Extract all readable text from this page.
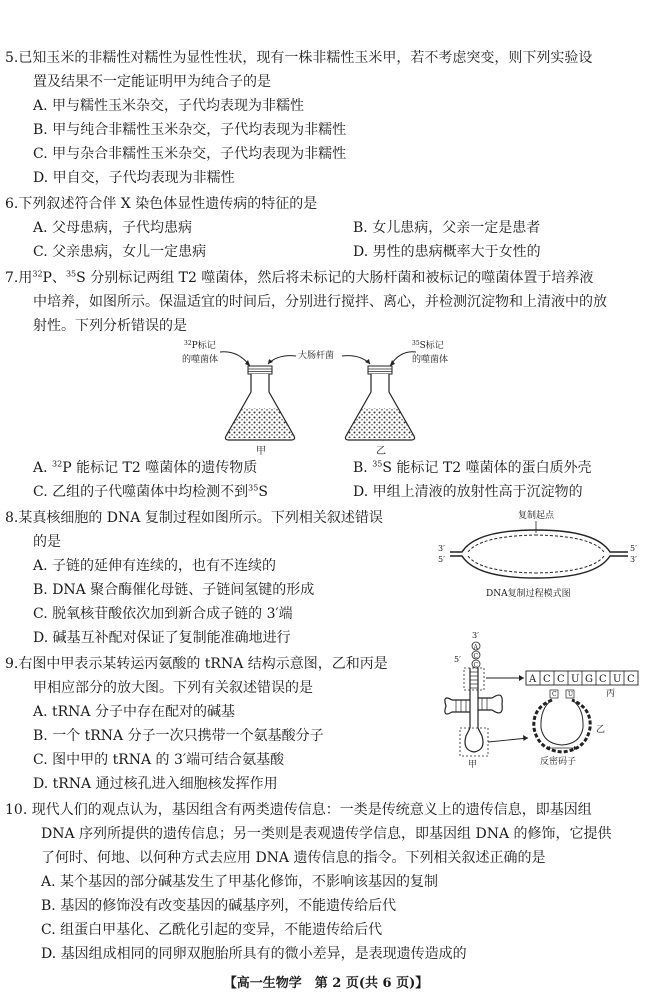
5.已知玉米的非糯性对糯性为显性性状，现有一株非糯性玉米甲，若不考虑突变，则下列实验设
置及结果不一定能证明甲为纯合子的是
A. 甲与糯性玉米杂交，子代均表现为非糯性
B. 甲与纯合非糯性玉米杂交，子代均表现为非糯性
C. 甲与杂合非糯性玉米杂交，子代均表现为非糯性
D. 甲自交，子代均表现为非糯性
6.下列叙述符合伴 X 染色体显性遗传病的特征的是
A. 父母患病，子代均患病	B. 女儿患病，父亲一定是患者
C. 父亲患病，女儿一定患病	D. 男性的患病概率大于女性的
7.用$^{32}$P、$^{35}$S 分别标记两组 T2 噬菌体，然后将未标记的大肠杆菌和被标记的噬菌体置于培养液
中培养，如图所示。保温适宜的时间后，分别进行搅拌、离心，并检测沉淀物和上清液中的放
射性。下列分析错误的是
$^{32}$P标记
的噬菌体	大肠杆菌
$^{35}$S标记
的噬菌体
甲	乙
A. $^{32}$P 能标记 T2 噬菌体的遗传物质	B. $^{35}$S 能标记 T2 噬菌体的蛋白质外壳
C. 乙组的子代噬菌体中均检测不到$^{35}$S	D. 甲组上清液的放射性高于沉淀物的
8.某真核细胞的 DNA 复制过程如图所示。下列相关叙述错误
的是
A. 子链的延伸有连续的，也有不连续的
B. DNA 聚合酶催化母链、子链间氢键的形成
C. 脱氧核苷酸依次加到新合成子链的 3′端
D. 碱基互补配对保证了复制能准确地进行
复制起点
3′
5′
5′
3′
DNA复制过程模式图
9.右图中甲表示某转运丙氨酸的 tRNA 结构示意图，乙和丙是
甲相应部分的放大图。下列有关叙述错误的是
A. tRNA 分子中存在配对的碱基
B. 一个 tRNA 分子一次只携带一个氨基酸分子
C. 图中甲的 tRNA 的 3′端可结合氨基酸
D. tRNA 通过核孔进入细胞核发挥作用
3′
A
C
C
5′
甲
A C C U G C U C
丙
C U
乙
反密码子
10. 现代人们的观点认为，基因组含有两类遗传信息：一类是传统意义上的遗传信息，即基因组
DNA 序列所提供的遗传信息；另一类则是表观遗传学信息，即基因组 DNA 的修饰，它提供
了何时、何地、以何种方式去应用 DNA 遗传信息的指令。下列相关叙述正确的是
A. 某个基因的部分碱基发生了甲基化修饰，不影响该基因的复制
B. 基因的修饰没有改变基因的碱基序列，不能遗传给后代
C. 组蛋白甲基化、乙酰化引起的变异，不能遗传给后代
D. 基因组成相同的同卵双胞胎所具有的微小差异，是表现遗传造成的
【高一生物学　第 2 页(共 6 页)】
